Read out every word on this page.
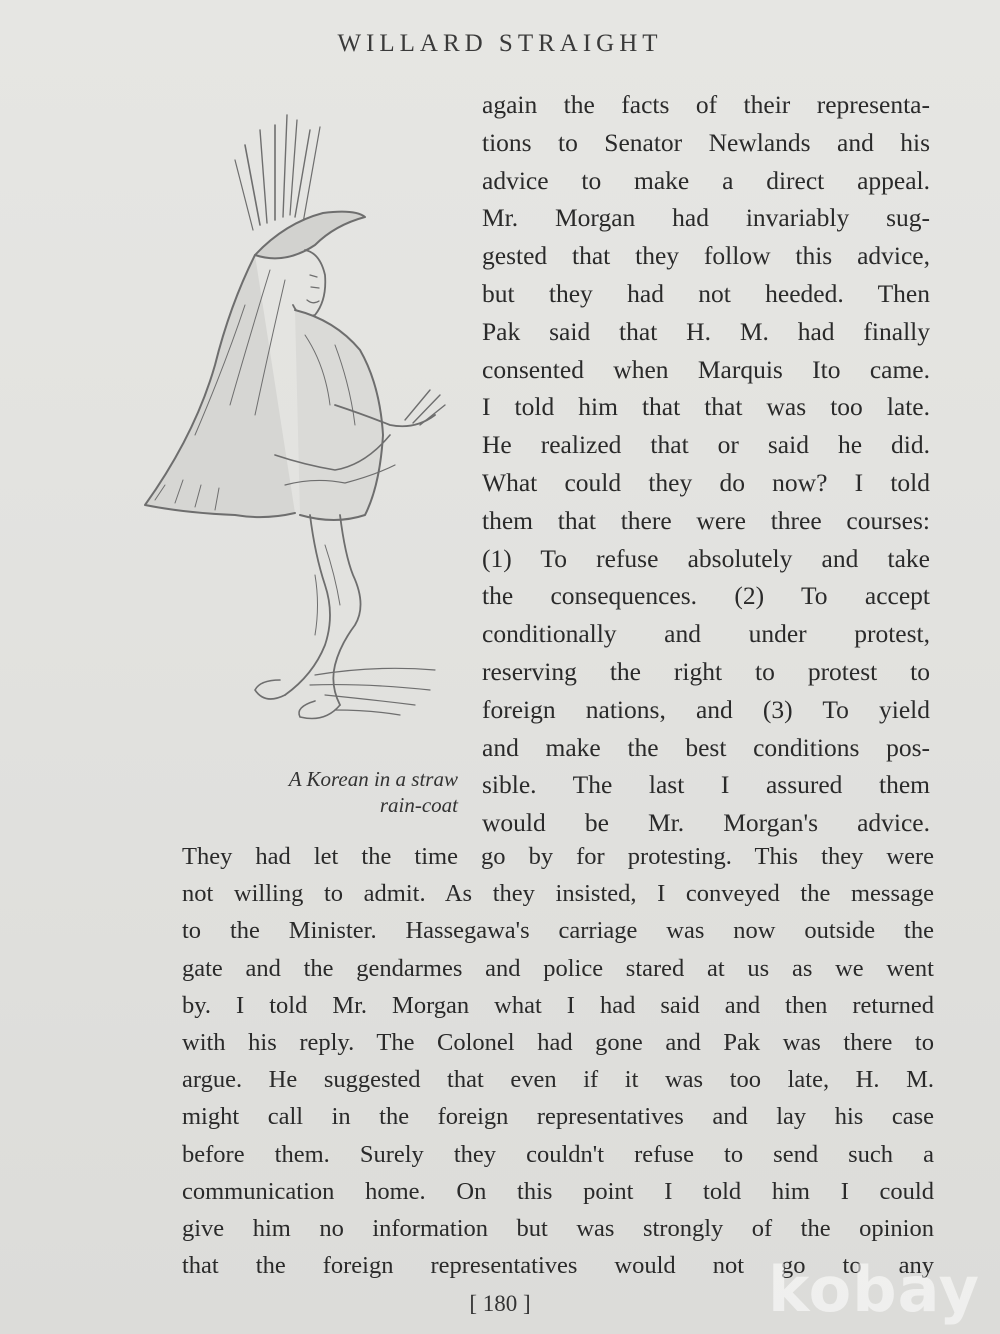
WILLARD STRAIGHT
A Korean in a straw
rain-coat
again the facts of their representa-
tions to Senator Newlands and his
advice to make a direct appeal.
Mr. Morgan had invariably sug-
gested that they follow this advice,
but they had not heeded. Then
Pak said that H. M. had finally
consented when Marquis Ito came.
I told him that that was too late.
He realized that or said he did.
What could they do now? I told
them that there were three courses:
(1) To refuse absolutely and take
the consequences. (2) To accept
conditionally and under protest,
reserving the right to protest to
foreign nations, and (3) To yield
and make the best conditions pos-
sible. The last I assured them
would be Mr. Morgan's advice.
They had let the time go by for protesting. This they were
not willing to admit. As they insisted, I conveyed the message
to the Minister. Hassegawa's carriage was now outside the
gate and the gendarmes and police stared at us as we went
by. I told Mr. Morgan what I had said and then returned
with his reply. The Colonel had gone and Pak was there to
argue. He suggested that even if it was too late, H. M.
might call in the foreign representatives and lay his case
before them. Surely they couldn't refuse to send such a
communication home. On this point I told him I could
give him no information but was strongly of the opinion
that the foreign representatives would not go to any
[ 180 ]	kobay
